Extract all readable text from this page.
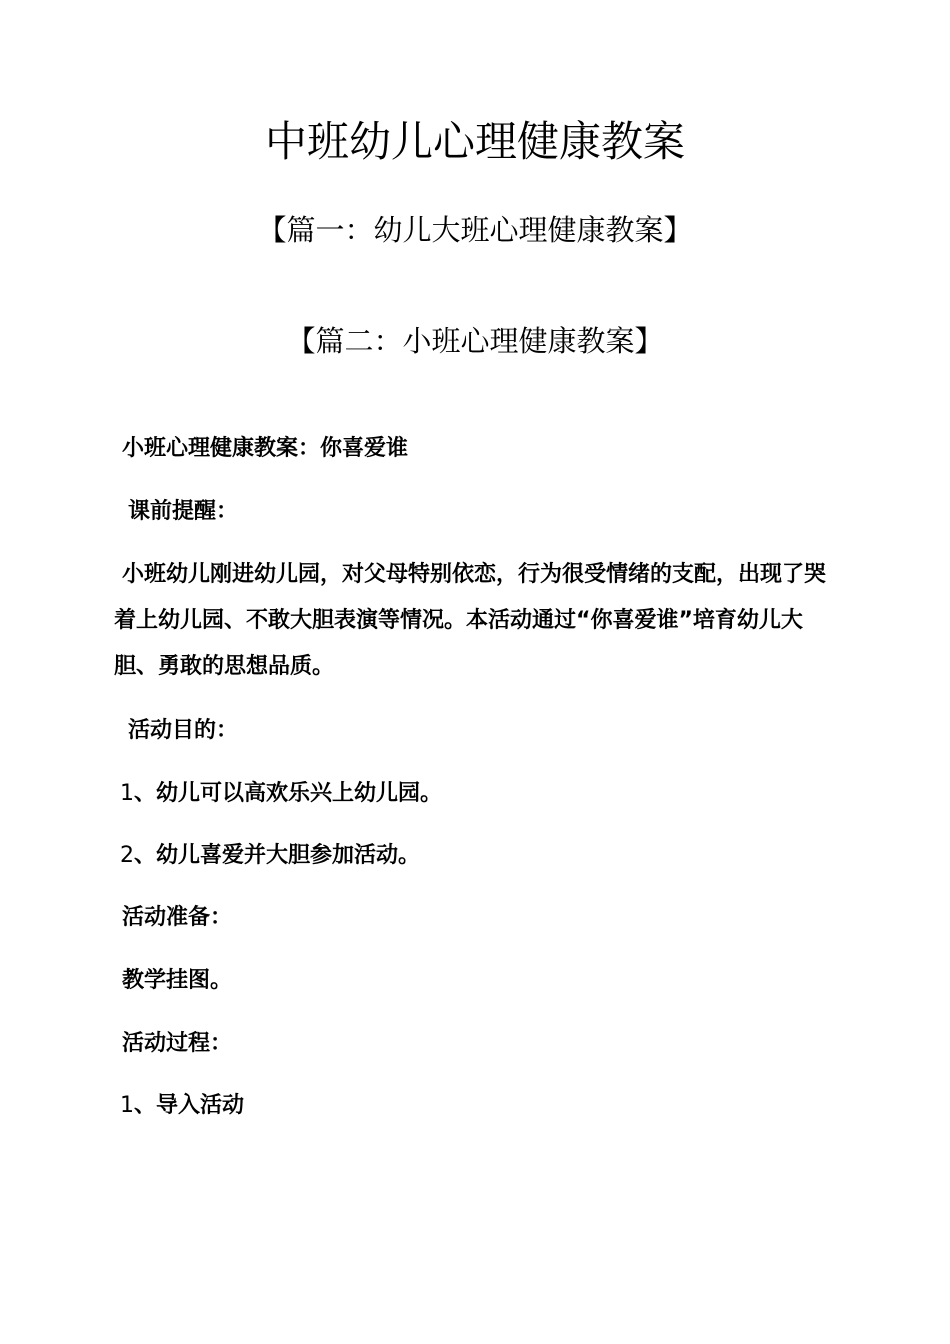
中班幼儿心理健康教案
【篇一：幼儿大班心理健康教案】
【篇二：小班心理健康教案】

小班心理健康教案：你喜爱谁

课前提醒：

小班幼儿刚进幼儿园，对父母特别依恋，行为很受情绪的支配，出现了哭着上幼儿园、不敢大胆表演等情况。本活动通过“你喜爱谁”培育幼儿大胆、勇敢的思想品质。

活动目的：

1、幼儿可以高欢乐兴上幼儿园。

2、幼儿喜爱并大胆参加活动。

活动准备：

教学挂图。

活动过程：

1、导入活动
